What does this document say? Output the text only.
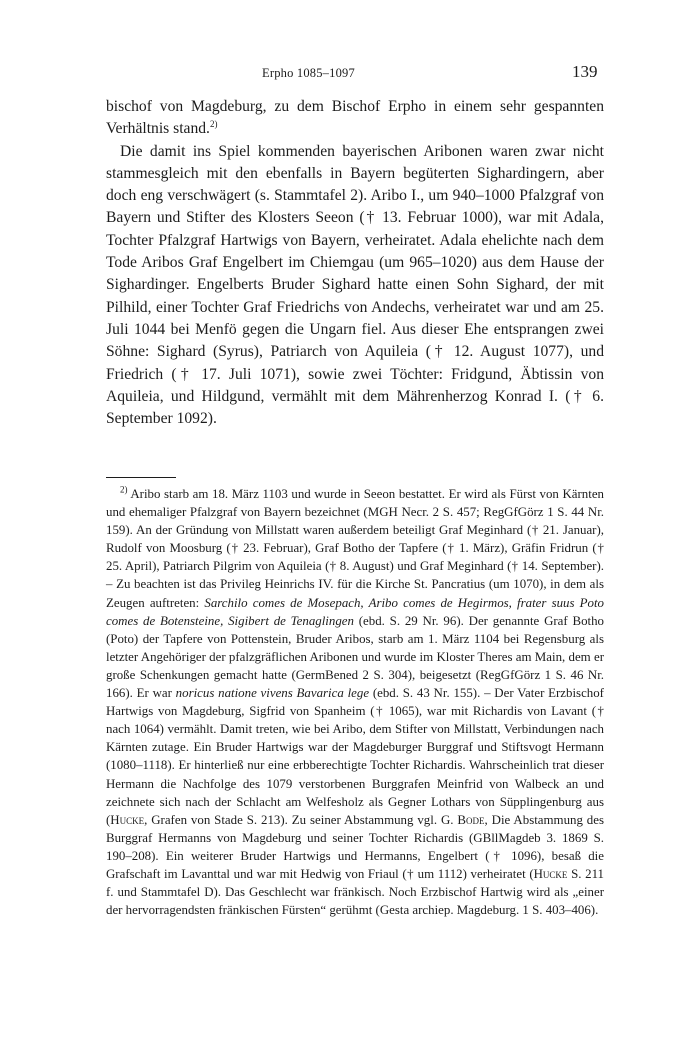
Erpho 1085–1097	139

bischof von Magdeburg, zu dem Bischof Erpho in einem sehr gespannten Verhältnis stand.$^{2)}$

Die damit ins Spiel kommenden bayerischen Aribonen waren zwar nicht stammesgleich mit den ebenfalls in Bayern begüterten Sighardingern, aber doch eng verschwägert (s. Stammtafel 2). Aribo I., um 940–1000 Pfalzgraf von Bayern und Stifter des Klosters Seeon († 13. Februar 1000), war mit Adala, Tochter Pfalzgraf Hartwigs von Bayern, verheiratet. Adala ehelichte nach dem Tode Aribos Graf Engelbert im Chiemgau (um 965–1020) aus dem Hause der Sighardinger. Engelberts Bruder Sighard hatte einen Sohn Sighard, der mit Pilhild, einer Tochter Graf Friedrichs von Andechs, verheiratet war und am 25. Juli 1044 bei Menfö gegen die Ungarn fiel. Aus dieser Ehe entsprangen zwei Söhne: Sighard (Syrus), Patriarch von Aquileia († 12. August 1077), und Friedrich († 17. Juli 1071), sowie zwei Töchter: Fridgund, Äbtissin von Aquileia, und Hildgund, vermählt mit dem Mährenherzog Konrad I. († 6. September 1092).

$^{2)}$ Aribo starb am 18. März 1103 und wurde in Seeon bestattet. Er wird als Fürst von Kärnten und ehemaliger Pfalzgraf von Bayern bezeichnet (MGH Necr. 2 S. 457; RegGfGörz 1 S. 44 Nr. 159). An der Gründung von Millstatt waren außerdem beteiligt Graf Meginhard († 21. Januar), Rudolf von Moosburg († 23. Februar), Graf Botho der Tapfere († 1. März), Gräfin Fridrun († 25. April), Patriarch Pilgrim von Aquileia († 8. August) und Graf Meginhard († 14. September). – Zu beachten ist das Privileg Heinrichs IV. für die Kirche St. Pancratius (um 1070), in dem als Zeugen auftreten: Sarchilo comes de Mosepach, Aribo comes de Hegirmos, frater suus Poto comes de Botensteine, Sigibert de Tenaglingen (ebd. S. 29 Nr. 96). Der genannte Graf Botho (Poto) der Tapfere von Pottenstein, Bruder Aribos, starb am 1. März 1104 bei Regensburg als letzter Angehöriger der pfalzgräflichen Aribonen und wurde im Kloster Theres am Main, dem er große Schenkungen gemacht hatte (GermBened 2 S. 304), beigesetzt (RegGfGörz 1 S. 46 Nr. 166). Er war noricus natione vivens Bavarica lege (ebd. S. 43 Nr. 155). – Der Vater Erzbischof Hartwigs von Magdeburg, Sigfrid von Spanheim († 1065), war mit Richardis von Lavant († nach 1064) vermählt. Damit treten, wie bei Aribo, dem Stifter von Millstatt, Verbindungen nach Kärnten zutage. Ein Bruder Hartwigs war der Magdeburger Burggraf und Stiftsvogt Hermann (1080–1118). Er hinterließ nur eine erbberechtigte Tochter Richardis. Wahrscheinlich trat dieser Hermann die Nachfolge des 1079 verstorbenen Burggrafen Meinfrid von Walbeck an und zeichnete sich nach der Schlacht am Welfesholz als Gegner Lothars von Süpplingenburg aus (Hucke, Grafen von Stade S. 213). Zu seiner Abstammung vgl. G. Bode, Die Abstammung des Burggraf Hermanns von Magdeburg und seiner Tochter Richardis (GBllMagdeb 3. 1869 S. 190–208). Ein weiterer Bruder Hartwigs und Hermanns, Engelbert († 1096), besaß die Grafschaft im Lavanttal und war mit Hedwig von Friaul († um 1112) verheiratet (Hucke S. 211 f. und Stammtafel D). Das Geschlecht war fränkisch. Noch Erzbischof Hartwig wird als „einer der hervorragendsten fränkischen Fürsten“ gerühmt (Gesta archiep. Magdeburg. 1 S. 403–406).
